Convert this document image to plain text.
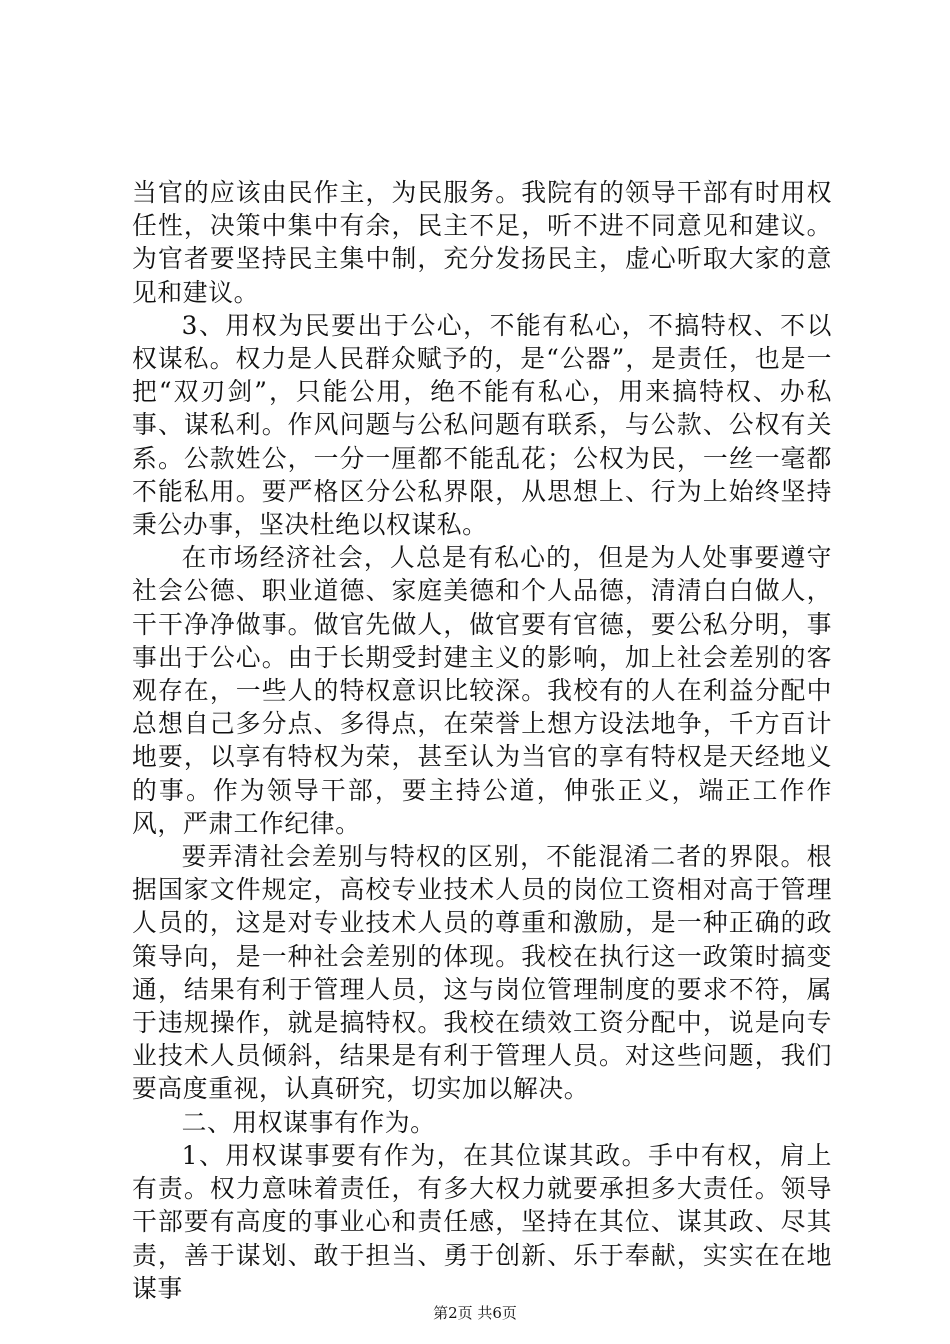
当官的应该由民作主，为民服务。我院有的领导干部有时用权任性，决策中集中有余，民主不足，听不进不同意见和建议。为官者要坚持民主集中制，充分发扬民主，虚心听取大家的意见和建议。

3、用权为民要出于公心，不能有私心，不搞特权、不以权谋私。权力是人民群众赋予的，是“公器”，是责任，也是一把“双刃剑”，只能公用，绝不能有私心，用来搞特权、办私事、谋私利。作风问题与公私问题有联系，与公款、公权有关系。公款姓公，一分一厘都不能乱花；公权为民，一丝一毫都不能私用。要严格区分公私界限，从思想上、行为上始终坚持秉公办事，坚决杜绝以权谋私。

在市场经济社会，人总是有私心的，但是为人处事要遵守社会公德、职业道德、家庭美德和个人品德，清清白白做人，干干净净做事。做官先做人，做官要有官德，要公私分明，事事出于公心。由于长期受封建主义的影响，加上社会差别的客观存在，一些人的特权意识比较深。我校有的人在利益分配中总想自己多分点、多得点，在荣誉上想方设法地争，千方百计地要，以享有特权为荣，甚至认为当官的享有特权是天经地义的事。作为领导干部，要主持公道，伸张正义，端正工作作风，严肃工作纪律。

要弄清社会差别与特权的区别，不能混淆二者的界限。根据国家文件规定，高校专业技术人员的岗位工资相对高于管理人员的，这是对专业技术人员的尊重和激励，是一种正确的政策导向，是一种社会差别的体现。我校在执行这一政策时搞变通，结果有利于管理人员，这与岗位管理制度的要求不符，属于违规操作，就是搞特权。我校在绩效工资分配中，说是向专业技术人员倾斜，结果是有利于管理人员。对这些问题，我们要高度重视，认真研究，切实加以解决。

二、用权谋事有作为。

1、用权谋事要有作为，在其位谋其政。手中有权，肩上有责。权力意味着责任，有多大权力就要承担多大责任。领导干部要有高度的事业心和责任感，坚持在其位、谋其政、尽其责，善于谋划、敢于担当、勇于创新、乐于奉献，实实在在地谋事

第2页 共6页
